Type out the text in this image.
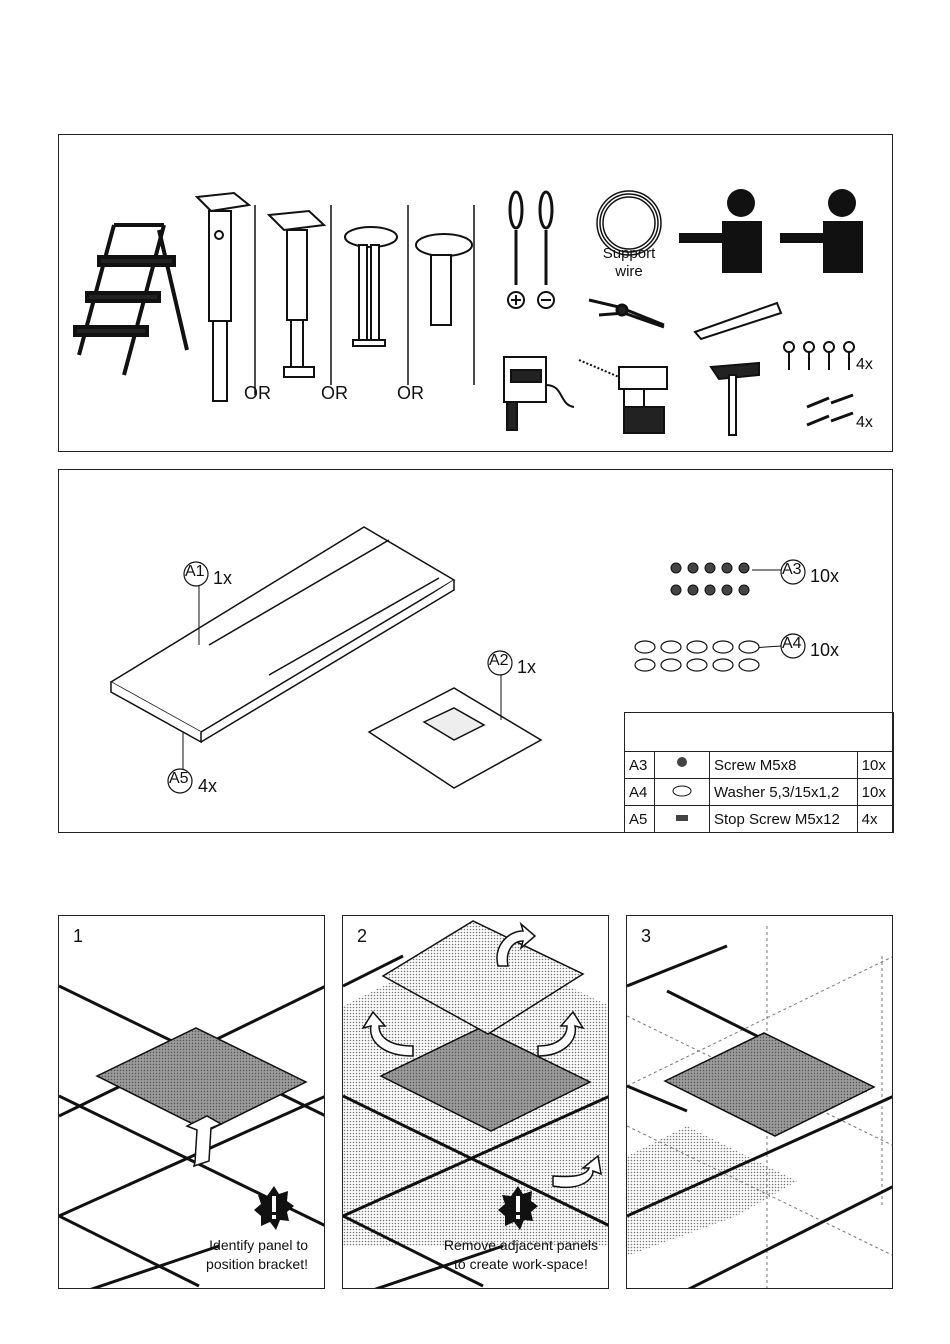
OR	OR	OR
Support
wire
4x
4x
A1 1x
A2 1x
A3 10x
A4 10x
A5 4x

A3		Screw M5x8	10x
A4		Washer 5,3/15x1,2	10x
A5		Stop Screw M5x12	4x
1
Identify panel to
position bracket!
2
Remove adjacent panels
to create work-space!
3
